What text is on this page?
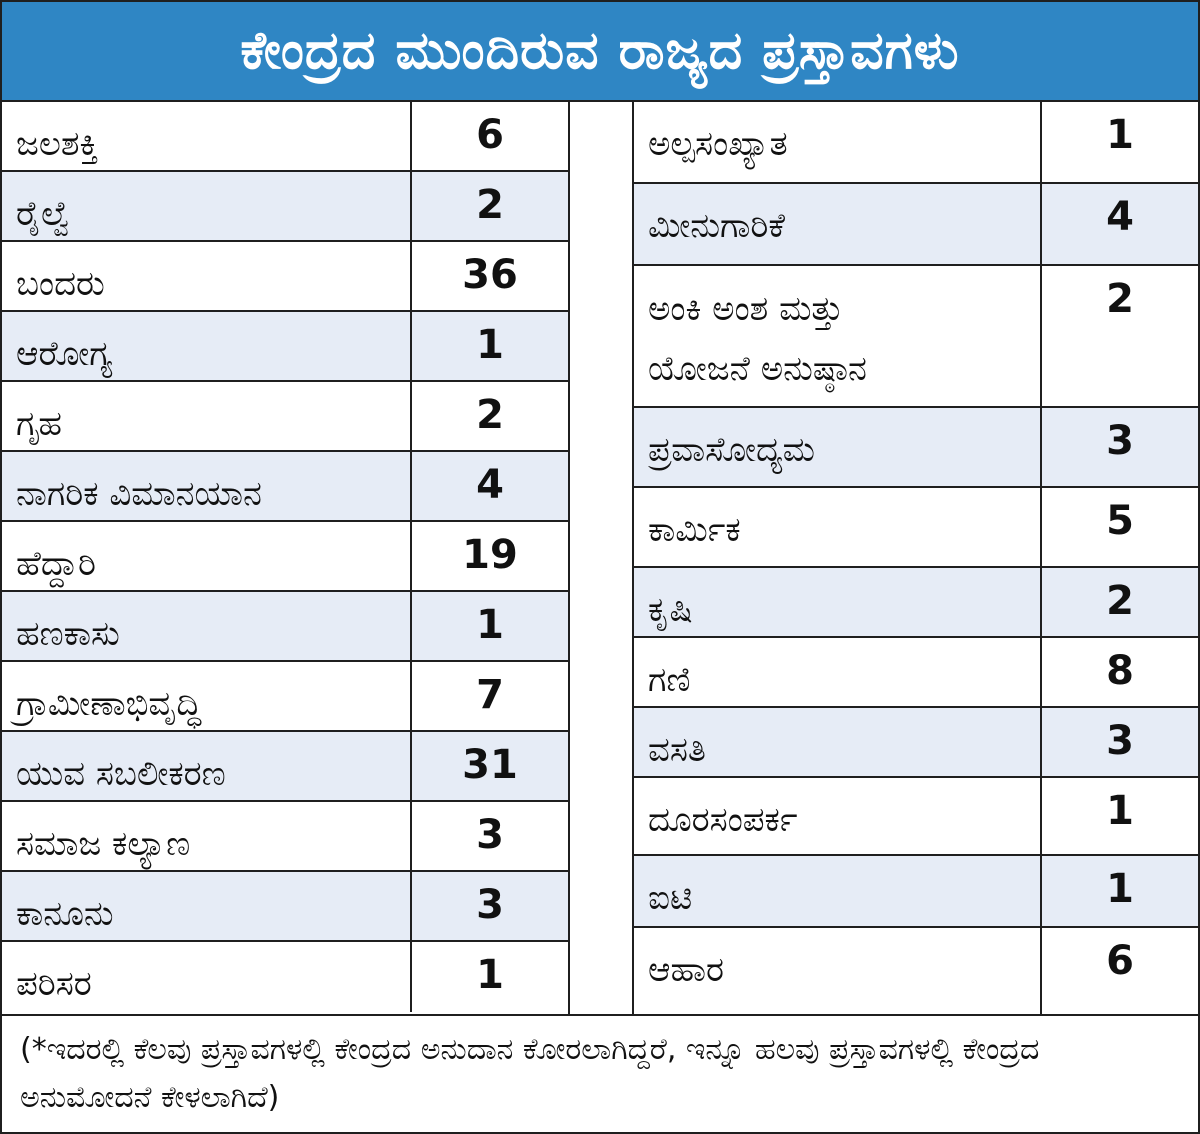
ಕೇಂದ್ರದ ಮುಂದಿರುವ ರಾಜ್ಯದ ಪ್ರಸ್ತಾವಗಳು
ಜಲಶಕ್ತಿ	6
ರೈಲ್ವೆ	2
ಬಂದರು	36
ಆರೋಗ್ಯ	1
ಗೃಹ	2
ನಾಗರಿಕ ವಿಮಾನಯಾನ	4
ಹೆದ್ದಾರಿ	19
ಹಣಕಾಸು	1
ಗ್ರಾಮೀಣಾಭಿವೃದ್ಧಿ	7
ಯುವ ಸಬಲೀಕರಣ	31
ಸಮಾಜ ಕಲ್ಯಾಣ	3
ಕಾನೂನು	3
ಪರಿಸರ	1
ಅಲ್ಪಸಂಖ್ಯಾತ	1
ಮೀನುಗಾರಿಕೆ	4
ಅಂಕಿ ಅಂಶ ಮತ್ತು ಯೋಜನೆ ಅನುಷ್ಠಾನ
2
ಪ್ರವಾಸೋದ್ಯಮ	3
ಕಾರ್ಮಿಕ	5
ಕೃಷಿ	2
ಗಣಿ	8
ವಸತಿ	3
ದೂರಸಂಪರ್ಕ	1
ಐಟಿ	1
ಆಹಾರ	6
(*ಇದರಲ್ಲಿ ಕೆಲವು ಪ್ರಸ್ತಾವಗಳಲ್ಲಿ ಕೇಂದ್ರದ ಅನುದಾನ ಕೋರಲಾಗಿದ್ದರೆ, ಇನ್ನೂ ಹಲವು ಪ್ರಸ್ತಾವಗಳಲ್ಲಿ ಕೇಂದ್ರದ ಅನುಮೋದನೆ ಕೇಳಲಾಗಿದೆ)
